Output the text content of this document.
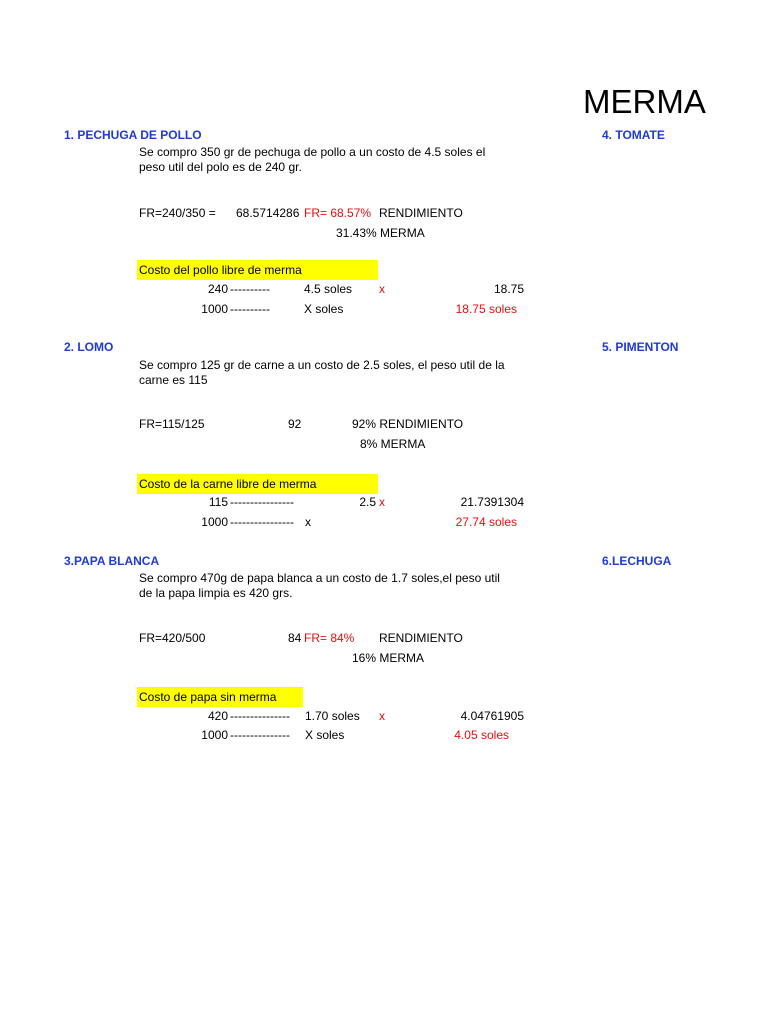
MERMA
4. TOMATE
5. PIMENTON
6.LECHUGA
1. PECHUGA DE POLLO
Se compro 350 gr de pechuga de pollo a un costo de 4.5 soles el
peso util del polo es de 240 gr.
FR=240/350 = 68.5714286 FR= 68.57% RENDIMIENTO
31.43% MERMA
Costo del pollo libre de merma
240 ----------	4.5 soles x	18.75
1000 ----------	X soles	18.75 soles
2. LOMO
Se compro 125 gr de carne a un costo de 2.5 soles, el peso util de la
carne es 115
FR=115/125	92	92% RENDIMIENTO
8% MERMA
Costo de la carne libre de merma
115 ----------------	2.5 x	21.7391304
1000 ---------------- x	27.74 soles
3.PAPA BLANCA
Se compro 470g de papa blanca a un costo de 1.7 soles,el peso util
de la papa limpia es 420 grs.
FR=420/500	84 FR= 84% RENDIMIENTO
16% MERMA
Costo de papa sin merma
420 --------------- 1.70 soles x	4.04761905
1000 --------------- X soles	4.05 soles
